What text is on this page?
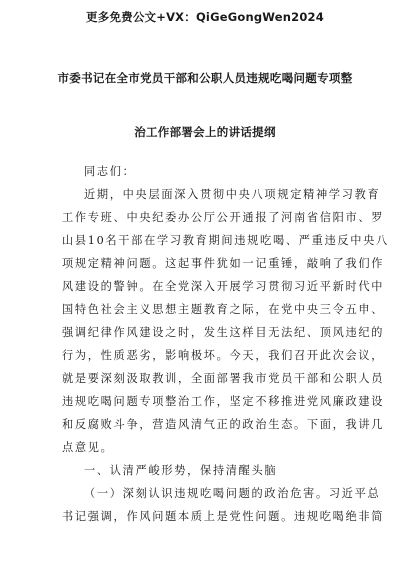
更多免费公文+VX：QiGeGongWen2024
市委书记在全市党员干部和公职人员违规吃喝问题专项整
治工作部署会上的讲话提纲
同志们：
近期，中央层面深入贯彻中央八项规定精神学习教育
工作专班、中央纪委办公厅公开通报了河南省信阳市、罗
山县10名干部在学习教育期间违规吃喝、严重违反中央八
项规定精神问题。这起事件犹如一记重锤，敲响了我们作
风建设的警钟。在全党深入开展学习贯彻习近平新时代中
国特色社会主义思想主题教育之际，在党中央三令五申、
强调纪律作风建设之时，发生这样目无法纪、顶风违纪的
行为，性质恶劣，影响极坏。今天，我们召开此次会议，
就是要深刻汲取教训，全面部署我市党员干部和公职人员
违规吃喝问题专项整治工作，坚定不移推进党风廉政建设
和反腐败斗争，营造风清气正的政治生态。下面，我讲几
点意见。
一、认清严峻形势，保持清醒头脑
（一）深刻认识违规吃喝问题的政治危害。习近平总
书记强调，作风问题本质上是党性问题。违规吃喝绝非简
